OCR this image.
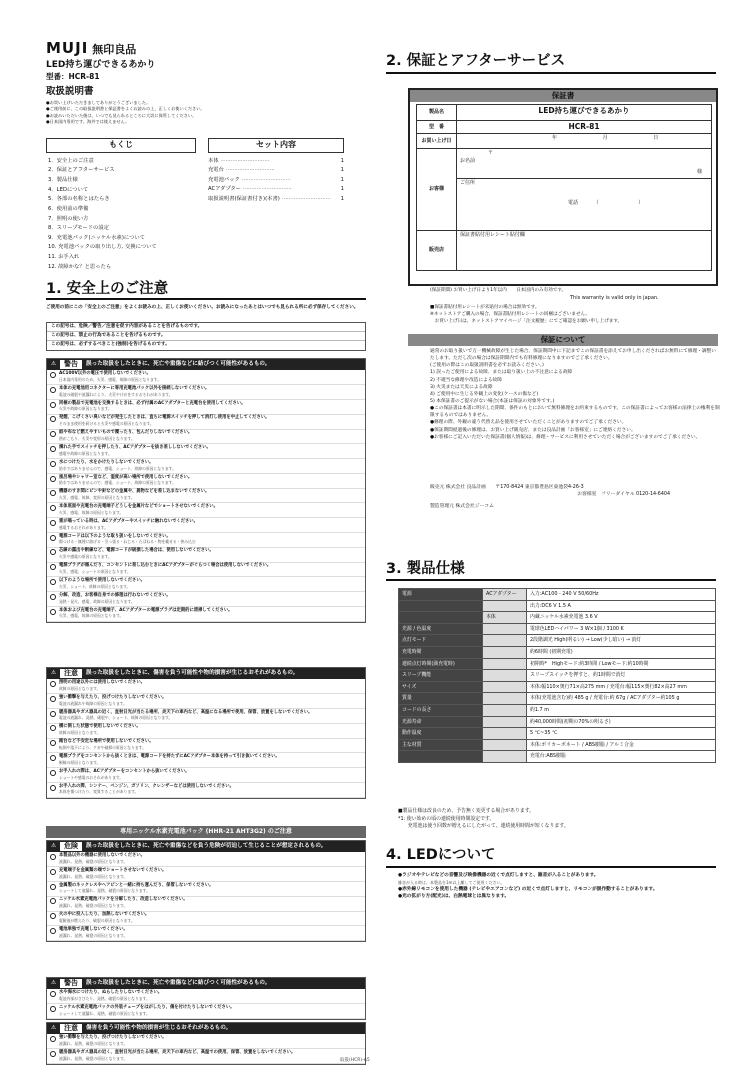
MUJI 無印良品
LED持ち運びできるあかり
型番：HCR-81
取扱説明書
●お買い上げいただきましてありがとうございました。
●ご使用前に、この取扱説明書と保証書をよくお読みの上、正しくお使いください。
●お読みいただいた後は、いつでも見られるところに大切に保管してください。
●日本国内専用です。海外では使えません。
もくじ
1．安全上のご注意
2．保証とアフターサービス
3．製品仕様
4．LEDについて
5．各部の名称とはたらき
6．使用前の準備
7．照明の使い方
8．スリープモードの設定
9．充電池パック(ニッケル水素)について
10. 充電池パックの取り出し方, 交換について
11. お手入れ
12. 故障かな？と思ったら
セット内容
本体 ·····························	1
充電台 ·····························	1
充電池パック ·····························	1
ACアダプター ·····························	1
取扱説明書(保証書付き)(本書) ·····························	1
1. 安全上のご注意
ご使用の前にこの「安全上のご注意」をよくお読みの上、正しくお使いください。お読みになったあとはいつでも見られる所に必ず保存してください。
この記号は、危険／警告／注意を促す内容があることを告げるものです。
この記号は、禁止の行為であることを告げるものです。
この記号は、必ずするべきこと(強制)を告げるものです。
⚠	警告	誤った取扱をしたときに、死亡や重傷などに結びつく可能性があるもの。
AC100V以外の電圧で使用しないでください。
日本国内専用のため、火災、感電、故障の原因となります。
本体の充電池用コネクターに専用充電池パック以外を接続しないでください。
電池の破裂や液漏れにより、火災やけがをするおそれがあります。
同梱の製品で充電池を交換するときは、必ず付属のACアダプターと充電台を使用してください。
火災や故障の原因となります。
発煙、こげくさい臭いなどが発生したときは、直ちに電源スイッチを押して消灯し使用を中止してください。
そのまま使用を続けると火災や感電の原因となります。
紙や布など燃えやすいもので覆ったり、包んだりしないでください。
熱がこもり、火災や変形の原因となります。
濡れた手でスイッチを押したり、ACアダプターを抜き差ししないでください。
感電や故障の原因となります。
水につけたり、水をかけたりしないでください。
防水ではありませんので、感電、ショート、故障の原因となります。
風呂場やシャワー室など、湿度が高い場所で使用しないでください。
防水ではありませんので、感電、ショート、故障の原因となります。
機器のすき間にピンや針などの金属や、異物などを差し込まないでください。
火災、感電、故障、変形の原因となります。
本体底面や充電台の充電端子どうしを金属片などでショートさせないでください。
火災、感電、故障の原因となります。
雷が鳴っている時は、ACアダプターやスイッチに触れないでください。
感電するおそれがあります。
電源コードは以下のような取り扱いをしないでください。
傷つける・無理に曲げる・引っ張る・ねじる・たばねる・物を載せる・挟み込む
芯線の露出や断線など、電源コードが破損した場合は、使用しないでください。
火災や感電の原因となります。
電源プラグが傷んだり、コンセントに差し込むときにACアダプターがぐらつく場合は使用しないでください。
火災、感電、ショートの原因となります。
以下のような場所で使用しないでください。
火災、ショート、故障の原因となります。
分解、改造、お客様自身での修理は行わないでください。
発熱・発火、感電、故障の原因となります。
本体および充電台の充電端子、ACアダプターの電源プラグは定期的に清掃してください。
火災、感電、故障の原因となります。
⚠	注意	誤った取扱をしたときに、傷害を負う可能性や物的損害が生じるおそれがあるもの。
照明の用途以外には使用しないでください。
故障の原因となります。
強い衝撃を与えたり、投げつけたりしないでください。
電池の液漏れや故障の原因となります。
暖房器具やガス器具の近く、直射日光が当たる場所、炎天下の車内など、高温になる場所で使用、保管、放置をしないでください。
電池の液漏れ、発熱、破裂や、ショート、故障の原因となります。
横に倒した状態で使用しないでください。
故障の原因となります。
踏台など不安定な場所で使用しないでください。
転倒や落下により、ケガや破損の原因となります。
電源プラグをコンセントから抜くときは、電源コードを持たずにACアダプター本体を持って引き抜いてください。
断線の原因となります。
お手入れの際は、ACアダプターをコンセントから抜いてください。
ショートや感電のおそれがあります。
お手入れの際、シンナー、ベンジン、ガソリン、クレンザーなどは使用しないでください。
本体を傷つけたり、変質することがあります。
専用ニッケル水素充電池パック (HHR-21 AHT3G2) のご注意
⚠	危険	誤った取扱をしたときに、死亡や重傷などを負う危険が切迫して生じることが想定されるもの。
本製品以外の機器に使用しないでください。
液漏れ、発熱、破裂の原因となります。
充電端子を金属類の端でショートさせないでください。
液漏れ、発熱、破裂の原因となります。
金属製のネックレスやヘアピンと一緒に持ち運んだり、保管しないでください。
ショートして液漏れ、発熱、破裂の原因となります。
ニッケル水素充電池パックを分解したり、改造しないでください。
液漏れ、発熱、破裂の原因となります。
火の中に投入したり、加熱しないでください。
電解液が燃えたり、破裂の原因となります。
電池単独で充電しないでください。
液漏れ、発熱、破裂の原因となります。
⚠	警告	誤った取扱をしたときに、死亡や重傷などに結びつく可能性があるもの。
水や海水につけたり、ぬらしたりしないでください。
電池内部がさびたり、発熱、破裂の原因となります。
ニッケル水素充電池パックの外装チューブをはがしたり、傷を付けたりしないでください。
ショートして液漏れ、発熱、破裂の原因となります。
⚠	注意	傷害を負う可能性や物的損害が生じるおそれがあるもの。
強い衝撃を与えたり、投げつけたりしないでください。
液漏れ、発熱、破裂の原因となります。
暖房器具やガス器具の近く、直射日光が当たる場所、炎天下の車内など、高温での使用、保管、放置をしないでください。
液漏れ、発熱、破裂の原因となります。
2. 保証とアフターサービス
保証書
製品名	LED持ち運びできるあかり
型　番	HCR-81
お買い上げ日	年 月 日
お客様	〒
お名前
様
ご住所
電話 （ ）

販売店	保証書貼付用レシート貼付欄
(保証期間) お買い上げ日より1年以内　　日本国内のみ有効です。
This warranty is valid only in japan.
■保証書貼付用レシートが未貼付の場合は無効です。
※ネットストアご購入の場合、保証書貼付用レシートの同梱はございません。
　お買い上げ日は、ネットストアマイページ「注文履歴」にてご確認をお願い申し上げます。
保証について
通常のお取り扱いで万一機械故障が生じた場合、保証期間中に下記までこの保証書を添えてお申し出くださればお無料にて修理・調整いたします。ただし次の場合は保証期間内でも有料修理になりますのでご了承ください。
(ご使用の際はこの取扱説明書を必ずお読みください。)
1) 誤ったご使用による故障、または取り扱い上の不注意による故障
2) 不適当な修理や改造による故障
3) 火災または天災による故障
4) ご使用中に生じる外観上の変化(ケースの傷など)
5) 本保証書のご提示がない場合(本証は保証の対象外です。)
●この保証書は本書に明示した期間、条件のもとにおいて無料修理をお約束するものです。この保証書によってお客様の法律上の権利を制限するものではありません。
●修理の際、外観の違う代替え品を使用させていただくことがありますのでご了承ください。
●保証期間経過後の修理は、お買い上げ販売店、または良品計画「お客様室」にご連絡ください。
●お客様にご記入いただいた保証書(個人情報)は、修理・サービスに利用させていただく場合がございますのでご了承ください。
販売元 株式会社 良品計画　　〒170-8424 東京都豊島区東池袋4-26-3
お客様室　フリーダイヤル 0120-14-6404
製造管理元 株式会社ジーコム
3. 製品仕様
電源	ACアダプター	入力:AC100 - 240 V 50/60Hz
		出力:DC6 V 1.5 A
	本体	内蔵ニッケル水素充電池 3.6 V
光源 / 色温度		電球色LEDハイパワー 3 W×1個 / 3100 K
点灯モード		2段階調光 High(明るい) → Low(少し暗い) → 消灯
充電時間		約6時間 (初期充電)
連続点灯時間(満充電時)		初期時*　Highモード:約3時間 / Lowモード:約10時間
スリープ機能		スリープスイッチを押すと、約1時間で消灯
サイズ		本体:幅110×奥行71×高275 mm / 充電台:幅115×奥行82×高27 mm
質量		本体(充電池含む)約 485 g / 充電台:約 67g / ACアダプター約105 g
コードの長さ		約1.7 m
光源寿命		約40,000時間(初期の70%の明るさ)
動作温度		5 ℃~35 ℃
主な材質		本体:ポリカーボネート / ABS樹脂 / アルミ合金
		充電台:ABS樹脂
■製品仕様は改良のため、予告無く変更する場合があります。
*1: 使い始めの頃の連続使用時間設定です。
　　充電池は使う回数が増えるにしたがって、連続使用時間が短くなります。
4. LEDについて
●ラジオやテレビなどの音響及び映像機器の近くで点灯しますと、雑音が入ることがあります。
雑音が入る時は、本製品を1m以上離してご使用ください。
●赤外線リモコンを使用した機器 (テレビやエアコンなど) の近くで点灯しますと、リモコンが誤作動することがあります。
●光の拡がり方(配光)は、白熱電球とは異なります。
取扱(HCR)-A5
